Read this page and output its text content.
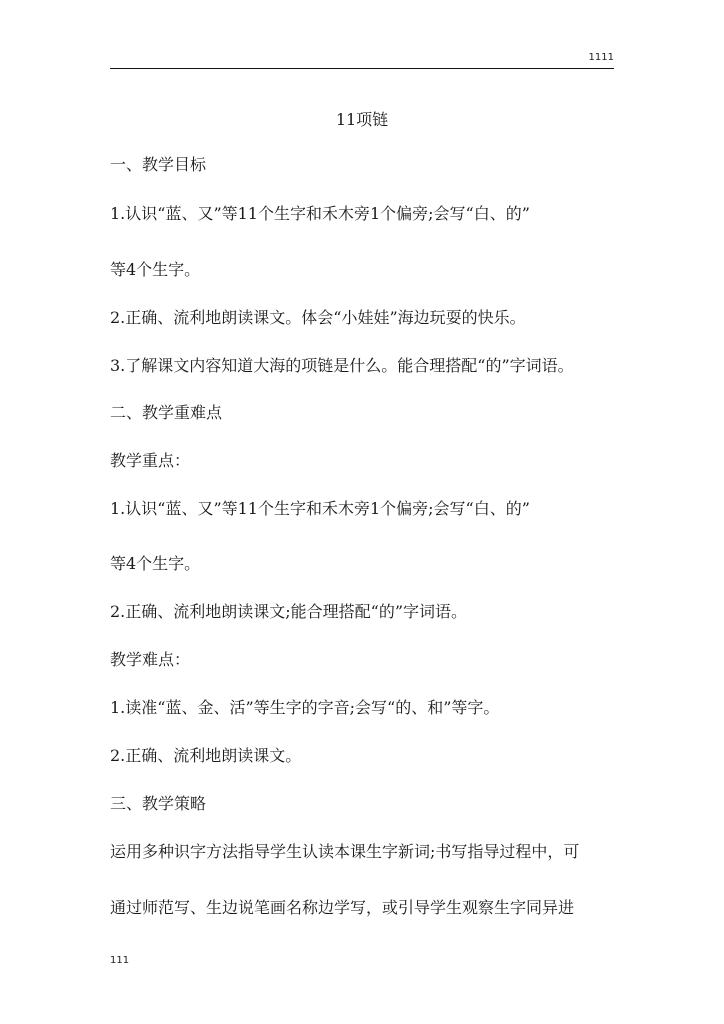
1111
11项链
一、教学目标
1.认识“蓝、又”等11个生字和禾木旁1个偏旁;会写“白、的”
等4个生字。
2.正确、流利地朗读课文。体会“小娃娃”海边玩耍的快乐。
3.了解课文内容知道大海的项链是什么。能合理搭配“的”字词语。
二、教学重难点
教学重点：
1.认识“蓝、又”等11个生字和禾木旁1个偏旁;会写“白、的”
等4个生字。
2.正确、流利地朗读课文;能合理搭配“的”字词语。
教学难点：
1.读准“蓝、金、活”等生字的字音;会写“的、和”等字。
2.正确、流利地朗读课文。
三、教学策略
运用多种识字方法指导学生认读本课生字新词;书写指导过程中，可
通过师范写、生边说笔画名称边学写，或引导学生观察生字同异进
111
